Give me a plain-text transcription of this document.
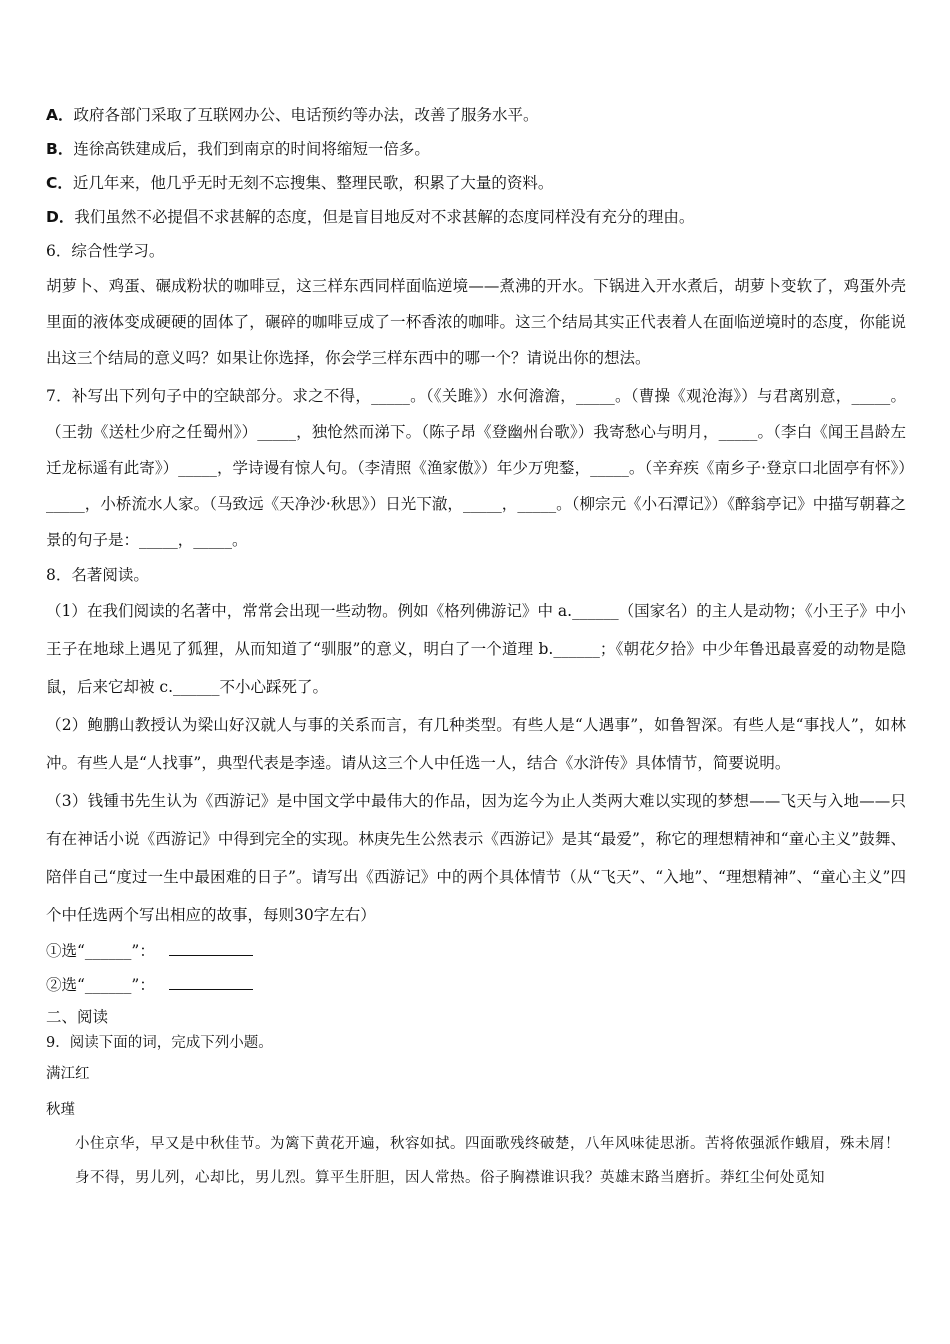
A．政府各部门采取了互联网办公、电话预约等办法，改善了服务水平。

B．连徐高铁建成后，我们到南京的时间将缩短一倍多。

C．近几年来，他几乎无时无刻不忘搜集、整理民歌，积累了大量的资料。

D．我们虽然不必提倡不求甚解的态度，但是盲目地反对不求甚解的态度同样没有充分的理由。

6．综合性学习。

胡萝卜、鸡蛋、碾成粉状的咖啡豆，这三样东西同样面临逆境——煮沸的开水。下锅进入开水煮后，胡萝卜变软了，鸡蛋外壳里面的液体变成硬硬的固体了，碾碎的咖啡豆成了一杯香浓的咖啡。这三个结局其实正代表着人在面临逆境时的态度，你能说出这三个结局的意义吗？如果让你选择，你会学三样东西中的哪一个？请说出你的想法。

7．补写出下列句子中的空缺部分。求之不得，_____。（《关雎》）水何澹澹，_____。（曹操《观沧海》）与君离别意，_____。（王勃《送杜少府之任蜀州》）_____，独怆然而涕下。（陈子昂《登幽州台歌》）我寄愁心与明月，_____。（李白《闻王昌龄左迁龙标遥有此寄》）_____，学诗谩有惊人句。（李清照《渔家傲》）年少万兜鍪，_____。（辛弃疾《南乡子·登京口北固亭有怀》）_____，小桥流水人家。（马致远《天净沙·秋思》）日光下澈，_____，_____。（柳宗元《小石潭记》）《醉翁亭记》中描写朝暮之景的句子是：_____，_____。

8．名著阅读。

（1）在我们阅读的名著中，常常会出现一些动物。例如《格列佛游记》中 a.______（国家名）的主人是动物；《小王子》中小王子在地球上遇见了狐狸，从而知道了“驯服”的意义，明白了一个道理 b.______；《朝花夕拾》中少年鲁迅最喜爱的动物是隐鼠，后来它却被 c.______不小心踩死了。

（2）鲍鹏山教授认为梁山好汉就人与事的关系而言，有几种类型。有些人是“人遇事”，如鲁智深。有些人是“事找人”，如林冲。有些人是“人找事”，典型代表是李逵。请从这三个人中任选一人，结合《水浒传》具体情节，简要说明。

（3）钱锺书先生认为《西游记》是中国文学中最伟大的作品，因为迄今为止人类两大难以实现的梦想——飞天与入地——只有在神话小说《西游记》中得到完全的实现。林庚先生公然表示《西游记》是其“最爱”，称它的理想精神和“童心主义”鼓舞、陪伴自己“度过一生中最困难的日子”。请写出《西游记》中的两个具体情节（从“飞天”、“入地”、“理想精神”、“童心主义”四个中任选两个写出相应的故事，每则30字左右）

①选“______”：

②选“______”：

二、阅读

9．阅读下面的词，完成下列小题。

满江红

秋瑾

小住京华，早又是中秋佳节。为篱下黄花开遍，秋容如拭。四面歌残终破楚，八年风味徒思浙。苦将侬强派作蛾眉，殊未屑！

身不得，男儿列，心却比，男儿烈。算平生肝胆，因人常热。俗子胸襟谁识我？英雄末路当磨折。莽红尘何处觅知
